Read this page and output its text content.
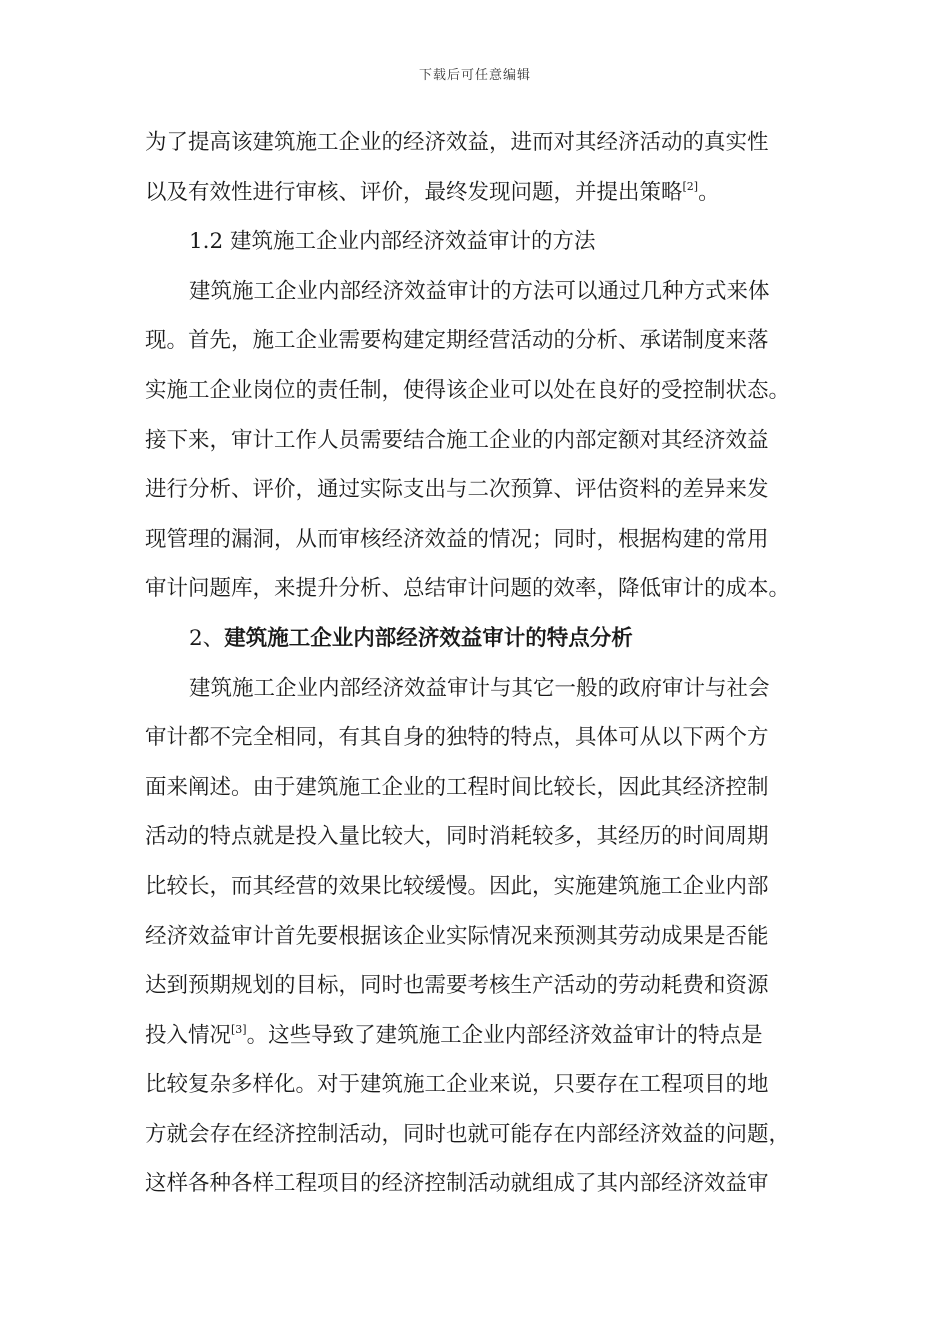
下载后可任意编辑
为了提高该建筑施工企业的经济效益，进而对其经济活动的真实性
以及有效性进行审核、评价，最终发现问题，并提出策略[2]。
1.2 建筑施工企业内部经济效益审计的方法
建筑施工企业内部经济效益审计的方法可以通过几种方式来体
现。首先，施工企业需要构建定期经营活动的分析、承诺制度来落
实施工企业岗位的责任制，使得该企业可以处在良好的受控制状态。
接下来，审计工作人员需要结合施工企业的内部定额对其经济效益
进行分析、评价，通过实际支出与二次预算、评估资料的差异来发
现管理的漏洞，从而审核经济效益的情况；同时，根据构建的常用
审计问题库，来提升分析、总结审计问题的效率，降低审计的成本。
2、建筑施工企业内部经济效益审计的特点分析
建筑施工企业内部经济效益审计与其它一般的政府审计与社会
审计都不完全相同，有其自身的独特的特点，具体可从以下两个方
面来阐述。由于建筑施工企业的工程时间比较长，因此其经济控制
活动的特点就是投入量比较大，同时消耗较多，其经历的时间周期
比较长，而其经营的效果比较缓慢。因此，实施建筑施工企业内部
经济效益审计首先要根据该企业实际情况来预测其劳动成果是否能
达到预期规划的目标，同时也需要考核生产活动的劳动耗费和资源
投入情况[3]。这些导致了建筑施工企业内部经济效益审计的特点是
比较复杂多样化。对于建筑施工企业来说，只要存在工程项目的地
方就会存在经济控制活动，同时也就可能存在内部经济效益的问题，
这样各种各样工程项目的经济控制活动就组成了其内部经济效益审
